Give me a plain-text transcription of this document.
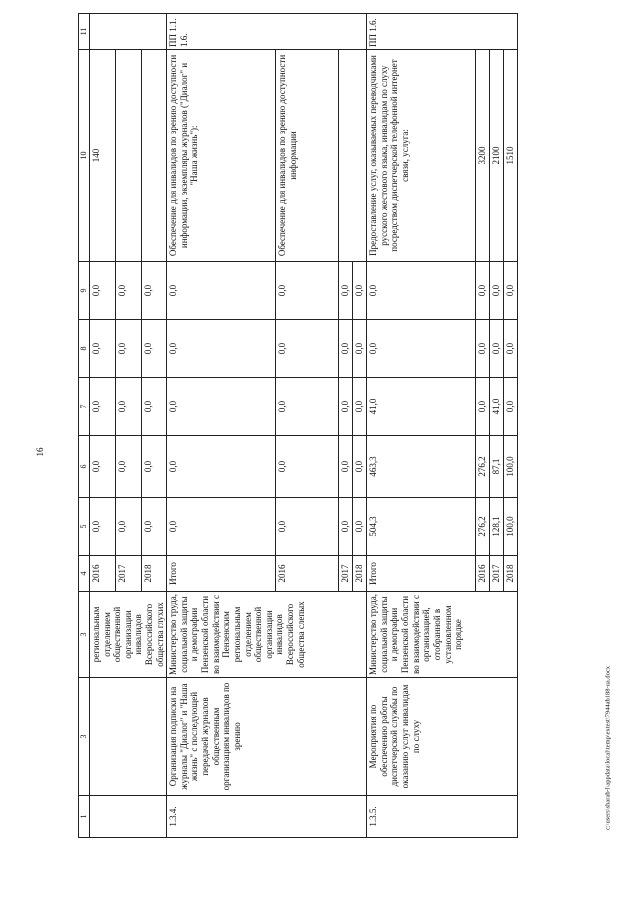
16
c:\users\sharab-l\appdata\local\temp\extest\7944ab188-ua.docx
1	3	3	4	5	6	7	8	9	10	11
		региональным отделением общественной организации инвалидов Всероссийского общества глухих	2016	0,0	0,0	0,0	0,0	0,0	140	
			2017	0,0	0,0	0,0	0,0	0,0		
			2018	0,0	0,0	0,0	0,0	0,0		
1.3.4.	Организация подписки на журналы "Диалог" и "Наша жизнь" с последующей передачей журналов общественным организациям инвалидов по зрению	Министерство труда, социальной защиты и демографии Пензенской области во взаимодействии с Пензенским региональным отделением общественной организации инвалидов Всероссийского общества слепых	Итого	0,0	0,0	0,0	0,0	0,0	Обеспечение для инвалидов по зрению доступности информации, экземпляры журналов ("Диалог" и "Наша жизнь"):	ПП 1.1. 1.6.
			2016	0,0	0,0	0,0	0,0	0,0	Обеспечение для инвалидов по зрению доступности информации	
			2017	0,0	0,0	0,0	0,0	0,0		
			2018	0,0	0,0	0,0	0,0	0,0		
1.3.5.	Мероприятия по обеспечению работы диспетчерской службы по оказанию услуг инвалидам по слуху	Министерство труда, социальной защиты и демографии Пензенской области во взаимодействии с организацией, отобранной в установленном порядке	Итого	504,3	463,3	41,0	0,0	0,0	Предоставление услуг, оказываемых переводчиками русского жестового языка, инвалидам по слуху посредством диспетчерской телефонной интернет связи, услуга:	ПП 1.6.
			2016	276,2	276,2	0,0	0,0	0,0	3200	
			2017	128,1	87,1	41,0	0,0	0,0	2100	
			2018	100,0	100,0	0,0	0,0	0,0	1510	
